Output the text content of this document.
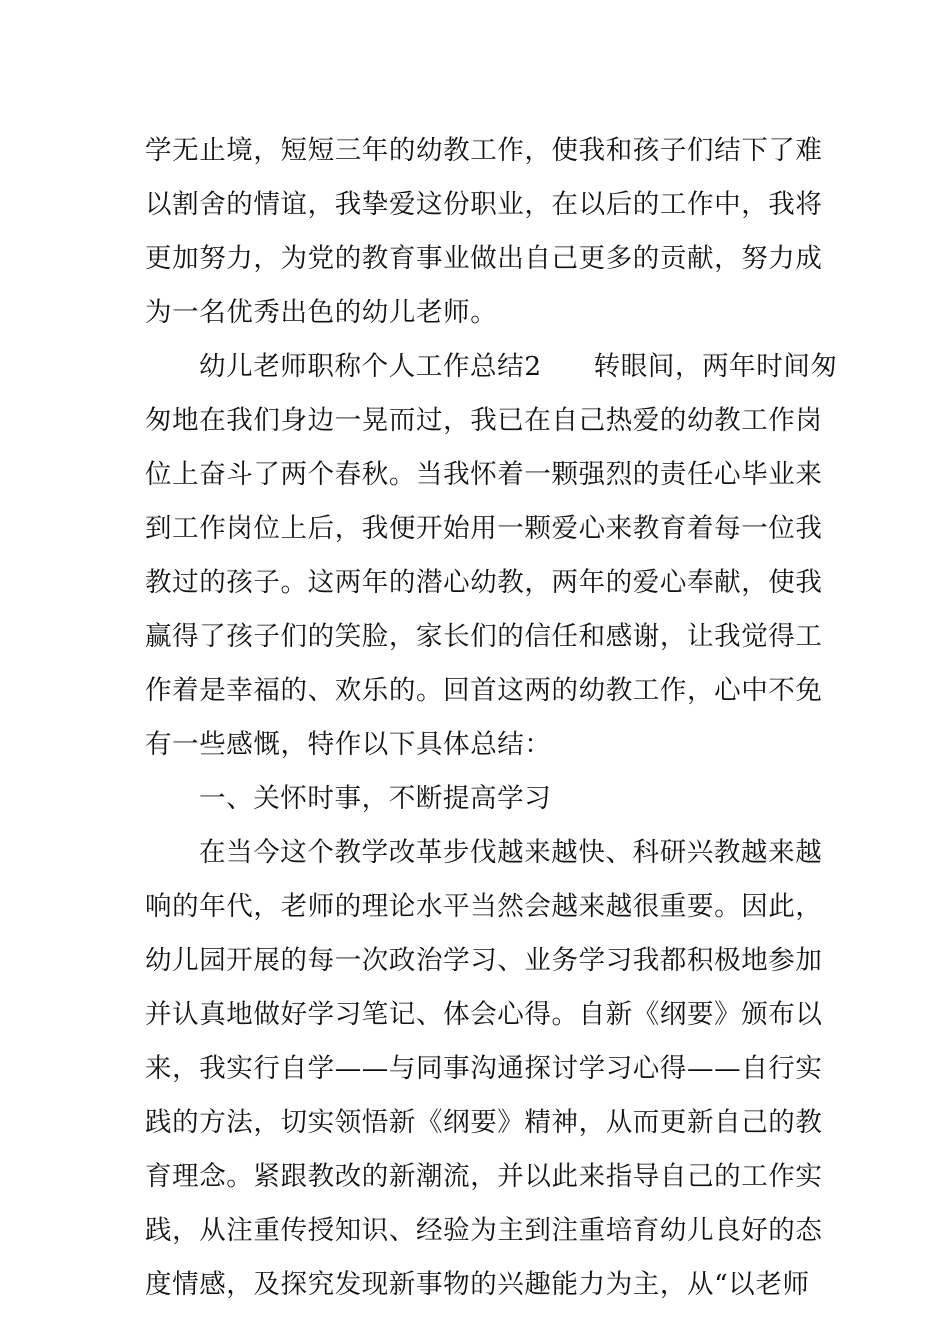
学无止境，短短三年的幼教工作，使我和孩子们结下了难
以割舍的情谊，我挚爱这份职业，在以后的工作中，我将
更加努力，为党的教育事业做出自己更多的贡献，努力成
为一名优秀出色的幼儿老师。
幼儿老师职称个人工作总结2 转眼间，两年时间匆
匆地在我们身边一晃而过，我已在自己热爱的幼教工作岗
位上奋斗了两个春秋。当我怀着一颗强烈的责任心毕业来
到工作岗位上后，我便开始用一颗爱心来教育着每一位我
教过的孩子。这两年的潜心幼教，两年的爱心奉献，使我
赢得了孩子们的笑脸，家长们的信任和感谢，让我觉得工
作着是幸福的、欢乐的。回首这两的幼教工作，心中不免
有一些感慨，特作以下具体总结：
一、关怀时事，不断提高学习
在当今这个教学改革步伐越来越快、科研兴教越来越
响的年代，老师的理论水平当然会越来越很重要。因此，
幼儿园开展的每一次政治学习、业务学习我都积极地参加
并认真地做好学习笔记、体会心得。自新《纲要》颁布以
来，我实行自学——与同事沟通探讨学习心得——自行实
践的方法，切实领悟新《纲要》精神，从而更新自己的教
育理念。紧跟教改的新潮流，并以此来指导自己的工作实
践，从注重传授知识、经验为主到注重培育幼儿良好的态
度情感，及探究发现新事物的兴趣能力为主，从“以老师
